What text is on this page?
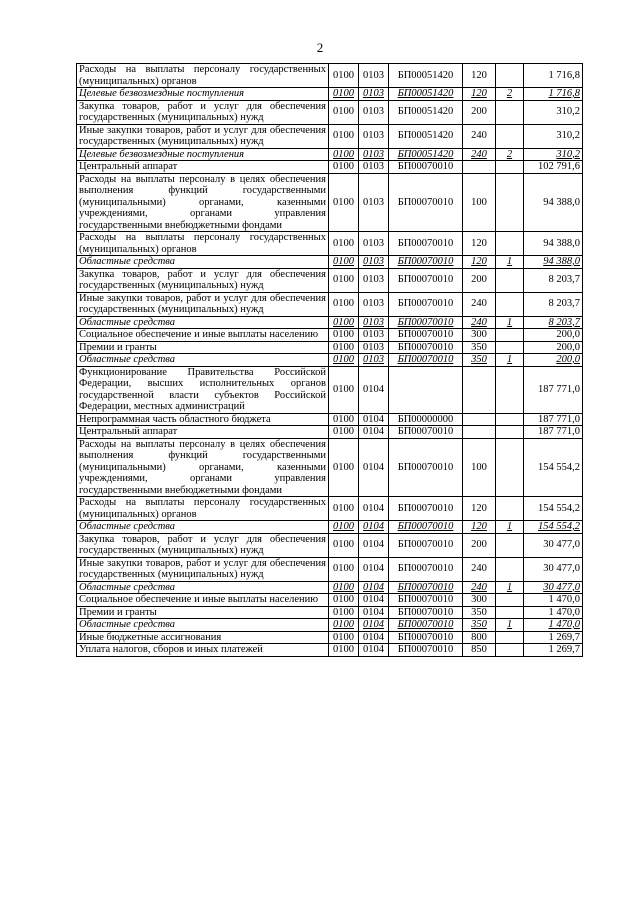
2
Расходы на выплаты персоналу государственных (муниципальных) органов	0100	0103	БП00051420	120		1 716,8
Целевые безвозмездные поступления	0100	0103	БП00051420	120	2	1 716,8
Закупка товаров, работ и услуг для обеспечения государственных (муниципальных) нужд	0100	0103	БП00051420	200		310,2
Иные закупки товаров, работ и услуг для обеспечения государственных (муниципальных) нужд	0100	0103	БП00051420	240		310,2
Целевые безвозмездные поступления	0100	0103	БП00051420	240	2	310,2
Центральный аппарат	0100	0103	БП00070010			102 791,6
Расходы на выплаты персоналу в целях обеспечения выполнения функций государственными (муниципальными) органами, казенными учреждениями, органами управления государственными внебюджетными фондами	0100	0103	БП00070010	100		94 388,0
Расходы на выплаты персоналу государственных (муниципальных) органов	0100	0103	БП00070010	120		94 388,0
Областные средства	0100	0103	БП00070010	120	1	94 388,0
Закупка товаров, работ и услуг для обеспечения государственных (муниципальных) нужд	0100	0103	БП00070010	200		8 203,7
Иные закупки товаров, работ и услуг для обеспечения государственных (муниципальных) нужд	0100	0103	БП00070010	240		8 203,7
Областные средства	0100	0103	БП00070010	240	1	8 203,7
Социальное обеспечение и иные выплаты населению	0100	0103	БП00070010	300		200,0
Премии и гранты	0100	0103	БП00070010	350		200,0
Областные средства	0100	0103	БП00070010	350	1	200,0
Функционирование Правительства Российской Федерации, высших исполнительных органов государственной власти субъектов Российской Федерации, местных администраций	0100	0104				187 771,0
Непрограммная часть областного бюджета	0100	0104	БП00000000			187 771,0
Центральный аппарат	0100	0104	БП00070010			187 771,0
Расходы на выплаты персоналу в целях обеспечения выполнения функций государственными (муниципальными) органами, казенными учреждениями, органами управления государственными внебюджетными фондами	0100	0104	БП00070010	100		154 554,2
Расходы на выплаты персоналу государственных (муниципальных) органов	0100	0104	БП00070010	120		154 554,2
Областные средства	0100	0104	БП00070010	120	1	154 554,2
Закупка товаров, работ и услуг для обеспечения государственных (муниципальных) нужд	0100	0104	БП00070010	200		30 477,0
Иные закупки товаров, работ и услуг для обеспечения государственных (муниципальных) нужд	0100	0104	БП00070010	240		30 477,0
Областные средства	0100	0104	БП00070010	240	1	30 477,0
Социальное обеспечение и иные выплаты населению	0100	0104	БП00070010	300		1 470,0
Премии и гранты	0100	0104	БП00070010	350		1 470,0
Областные средства	0100	0104	БП00070010	350	1	1 470,0
Иные бюджетные ассигнования	0100	0104	БП00070010	800		1 269,7
Уплата налогов, сборов и иных платежей	0100	0104	БП00070010	850		1 269,7
